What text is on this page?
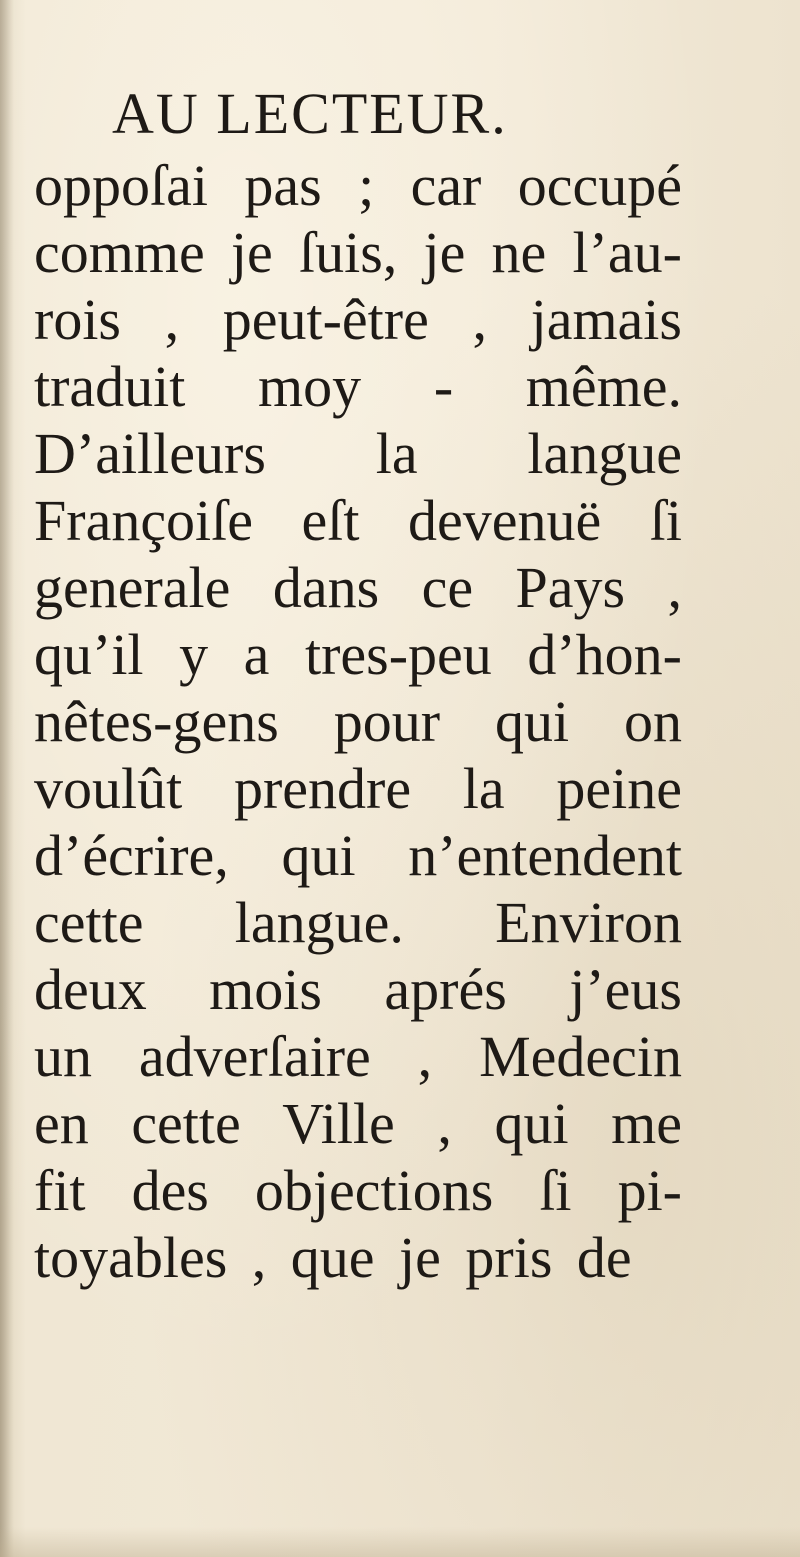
AU LECTEUR.
oppoſai pas ; car occupé
comme je ſuis, je ne l’au-
rois , peut-être , jamais
traduit moy - même.
D’ailleurs la langue
Françoiſe eſt devenuë ſi
generale dans ce Pays ,
qu’il y a tres-peu d’hon-
nêtes-gens pour qui on
voulût prendre la peine
d’écrire, qui n’entendent
cette langue. Environ
deux mois aprés j’eus
un adverſaire , Medecin
en cette Ville , qui me
fit des objections ſi pi-
toyables , que je pris de
